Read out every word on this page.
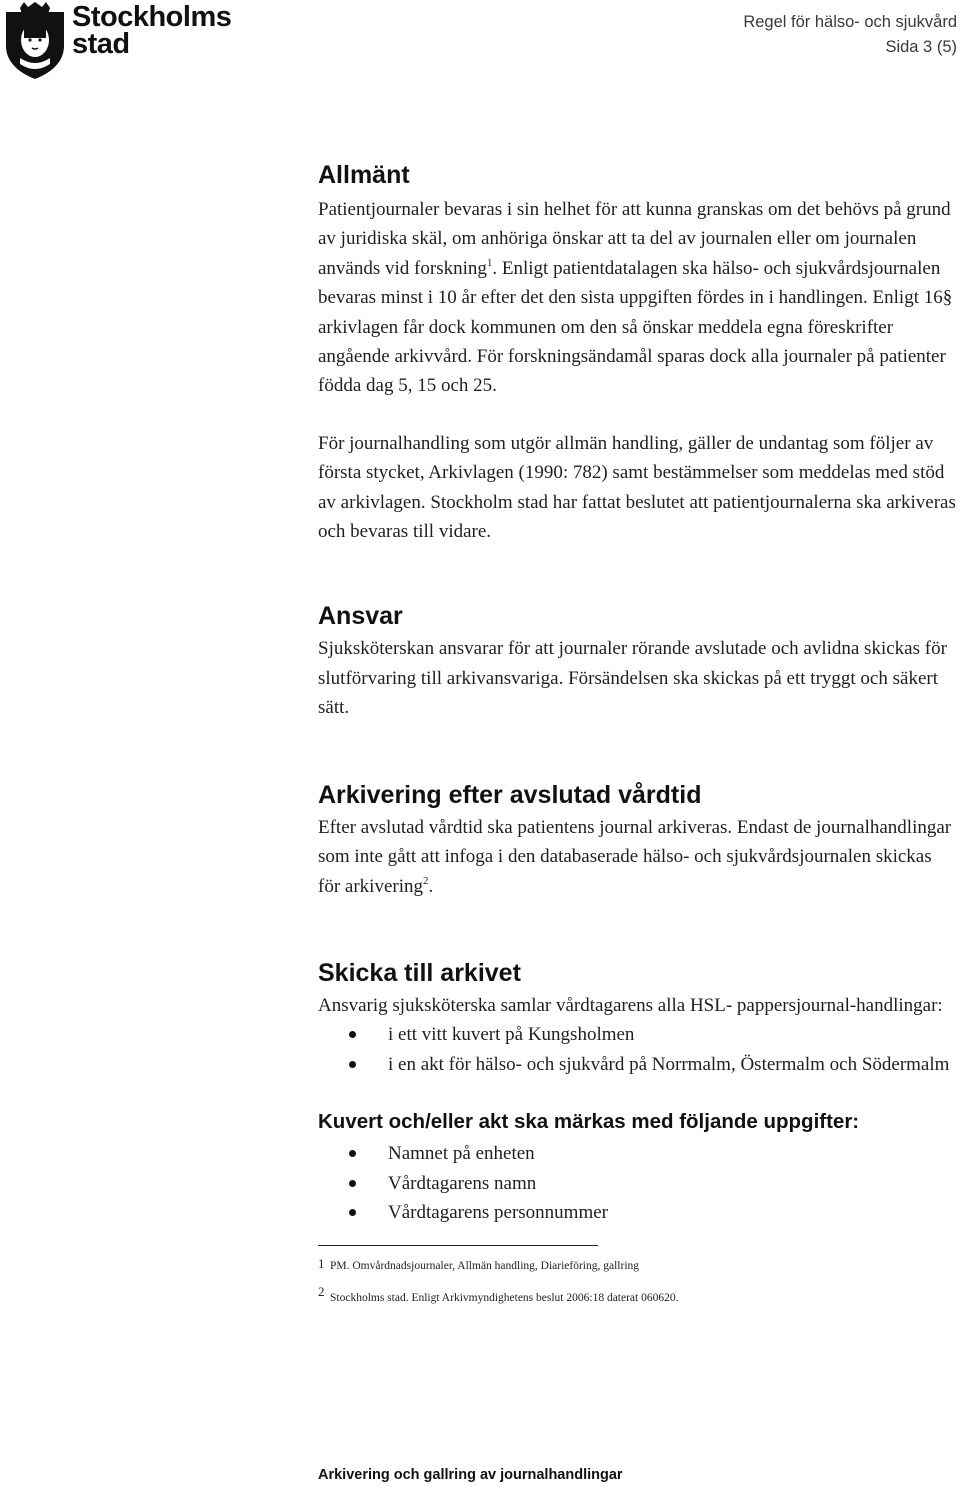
Stockholms
stad
Regel för hälso- och sjukvård
Sida 3 (5)
Allmänt

Patientjournaler bevaras i sin helhet för att kunna granskas om det behövs på grund av juridiska skäl, om anhöriga önskar att ta del av journalen eller om journalen används vid forskning$^1$. Enligt patientdatalagen ska hälso- och sjukvårdsjournalen bevaras minst i 10 år efter det den sista uppgiften fördes in i handlingen. Enligt 16§ arkivlagen får dock kommunen om den så önskar meddela egna föreskrifter angående arkivvård. För forskningsändamål sparas dock alla journaler på patienter födda dag 5, 15 och 25.

För journalhandling som utgör allmän handling, gäller de undantag som följer av första stycket, Arkivlagen (1990: 782) samt bestämmelser som meddelas med stöd av arkivlagen. Stockholm stad har fattat beslutet att patientjournalerna ska arkiveras och bevaras till vidare.

Ansvar

Sjuksköterskan ansvarar för att journaler rörande avslutade och avlidna skickas för slutförvaring till arkivansvariga. Försändelsen ska skickas på ett tryggt och säkert sätt.

Arkivering efter avslutad vårdtid

Efter avslutad vårdtid ska patientens journal arkiveras. Endast de journalhandlingar som inte gått att infoga i den databaserade hälso- och sjukvårdsjournalen skickas för arkivering$^2$.

Skicka till arkivet

Ansvarig sjuksköterska samlar vårdtagarens alla HSL- pappersjournal-handlingar:

i ett vitt kuvert på Kungsholmen
i en akt för hälso- och sjukvård på Norrmalm, Östermalm och Södermalm
Kuvert och/eller akt ska märkas med följande uppgifter:
Namnet på enheten
Vårdtagarens namn
Vårdtagarens personnummer
1 PM. Omvårdnadsjournaler, Allmän handling, Diarieföring, gallring
2 Stockholms stad. Enligt Arkivmyndighetens beslut 2006:18 daterat 060620.
Arkivering och gallring av journalhandlingar
